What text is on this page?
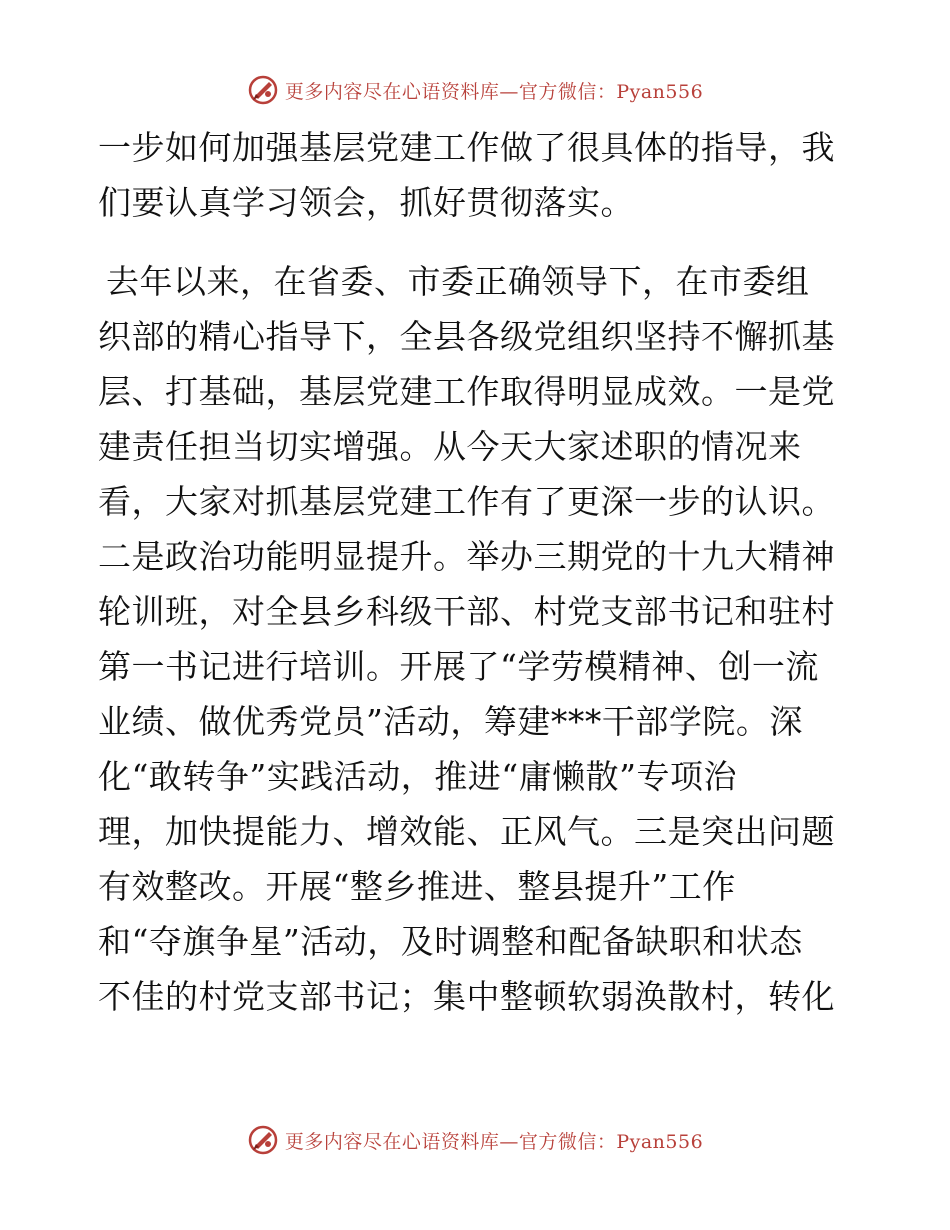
更多内容尽在心语资料库—官方微信：Pyan556
一步如何加强基层党建工作做了很具体的指导，我
们要认真学习领会，抓好贯彻落实。
去年以来，在省委、市委正确领导下，在市委组
织部的精心指导下，全县各级党组织坚持不懈抓基
层、打基础，基层党建工作取得明显成效。一是党
建责任担当切实增强。从今天大家述职的情况来
看，大家对抓基层党建工作有了更深一步的认识。
二是政治功能明显提升。举办三期党的十九大精神
轮训班，对全县乡科级干部、村党支部书记和驻村
第一书记进行培训。开展了“学劳模精神、创一流
业绩、做优秀党员”活动，筹建***干部学院。深
化“敢转争”实践活动，推进“庸懒散”专项治
理，加快提能力、增效能、正风气。三是突出问题
有效整改。开展“整乡推进、整县提升”工作
和“夺旗争星”活动，及时调整和配备缺职和状态
不佳的村党支部书记；集中整顿软弱涣散村，转化
更多内容尽在心语资料库—官方微信：Pyan556
